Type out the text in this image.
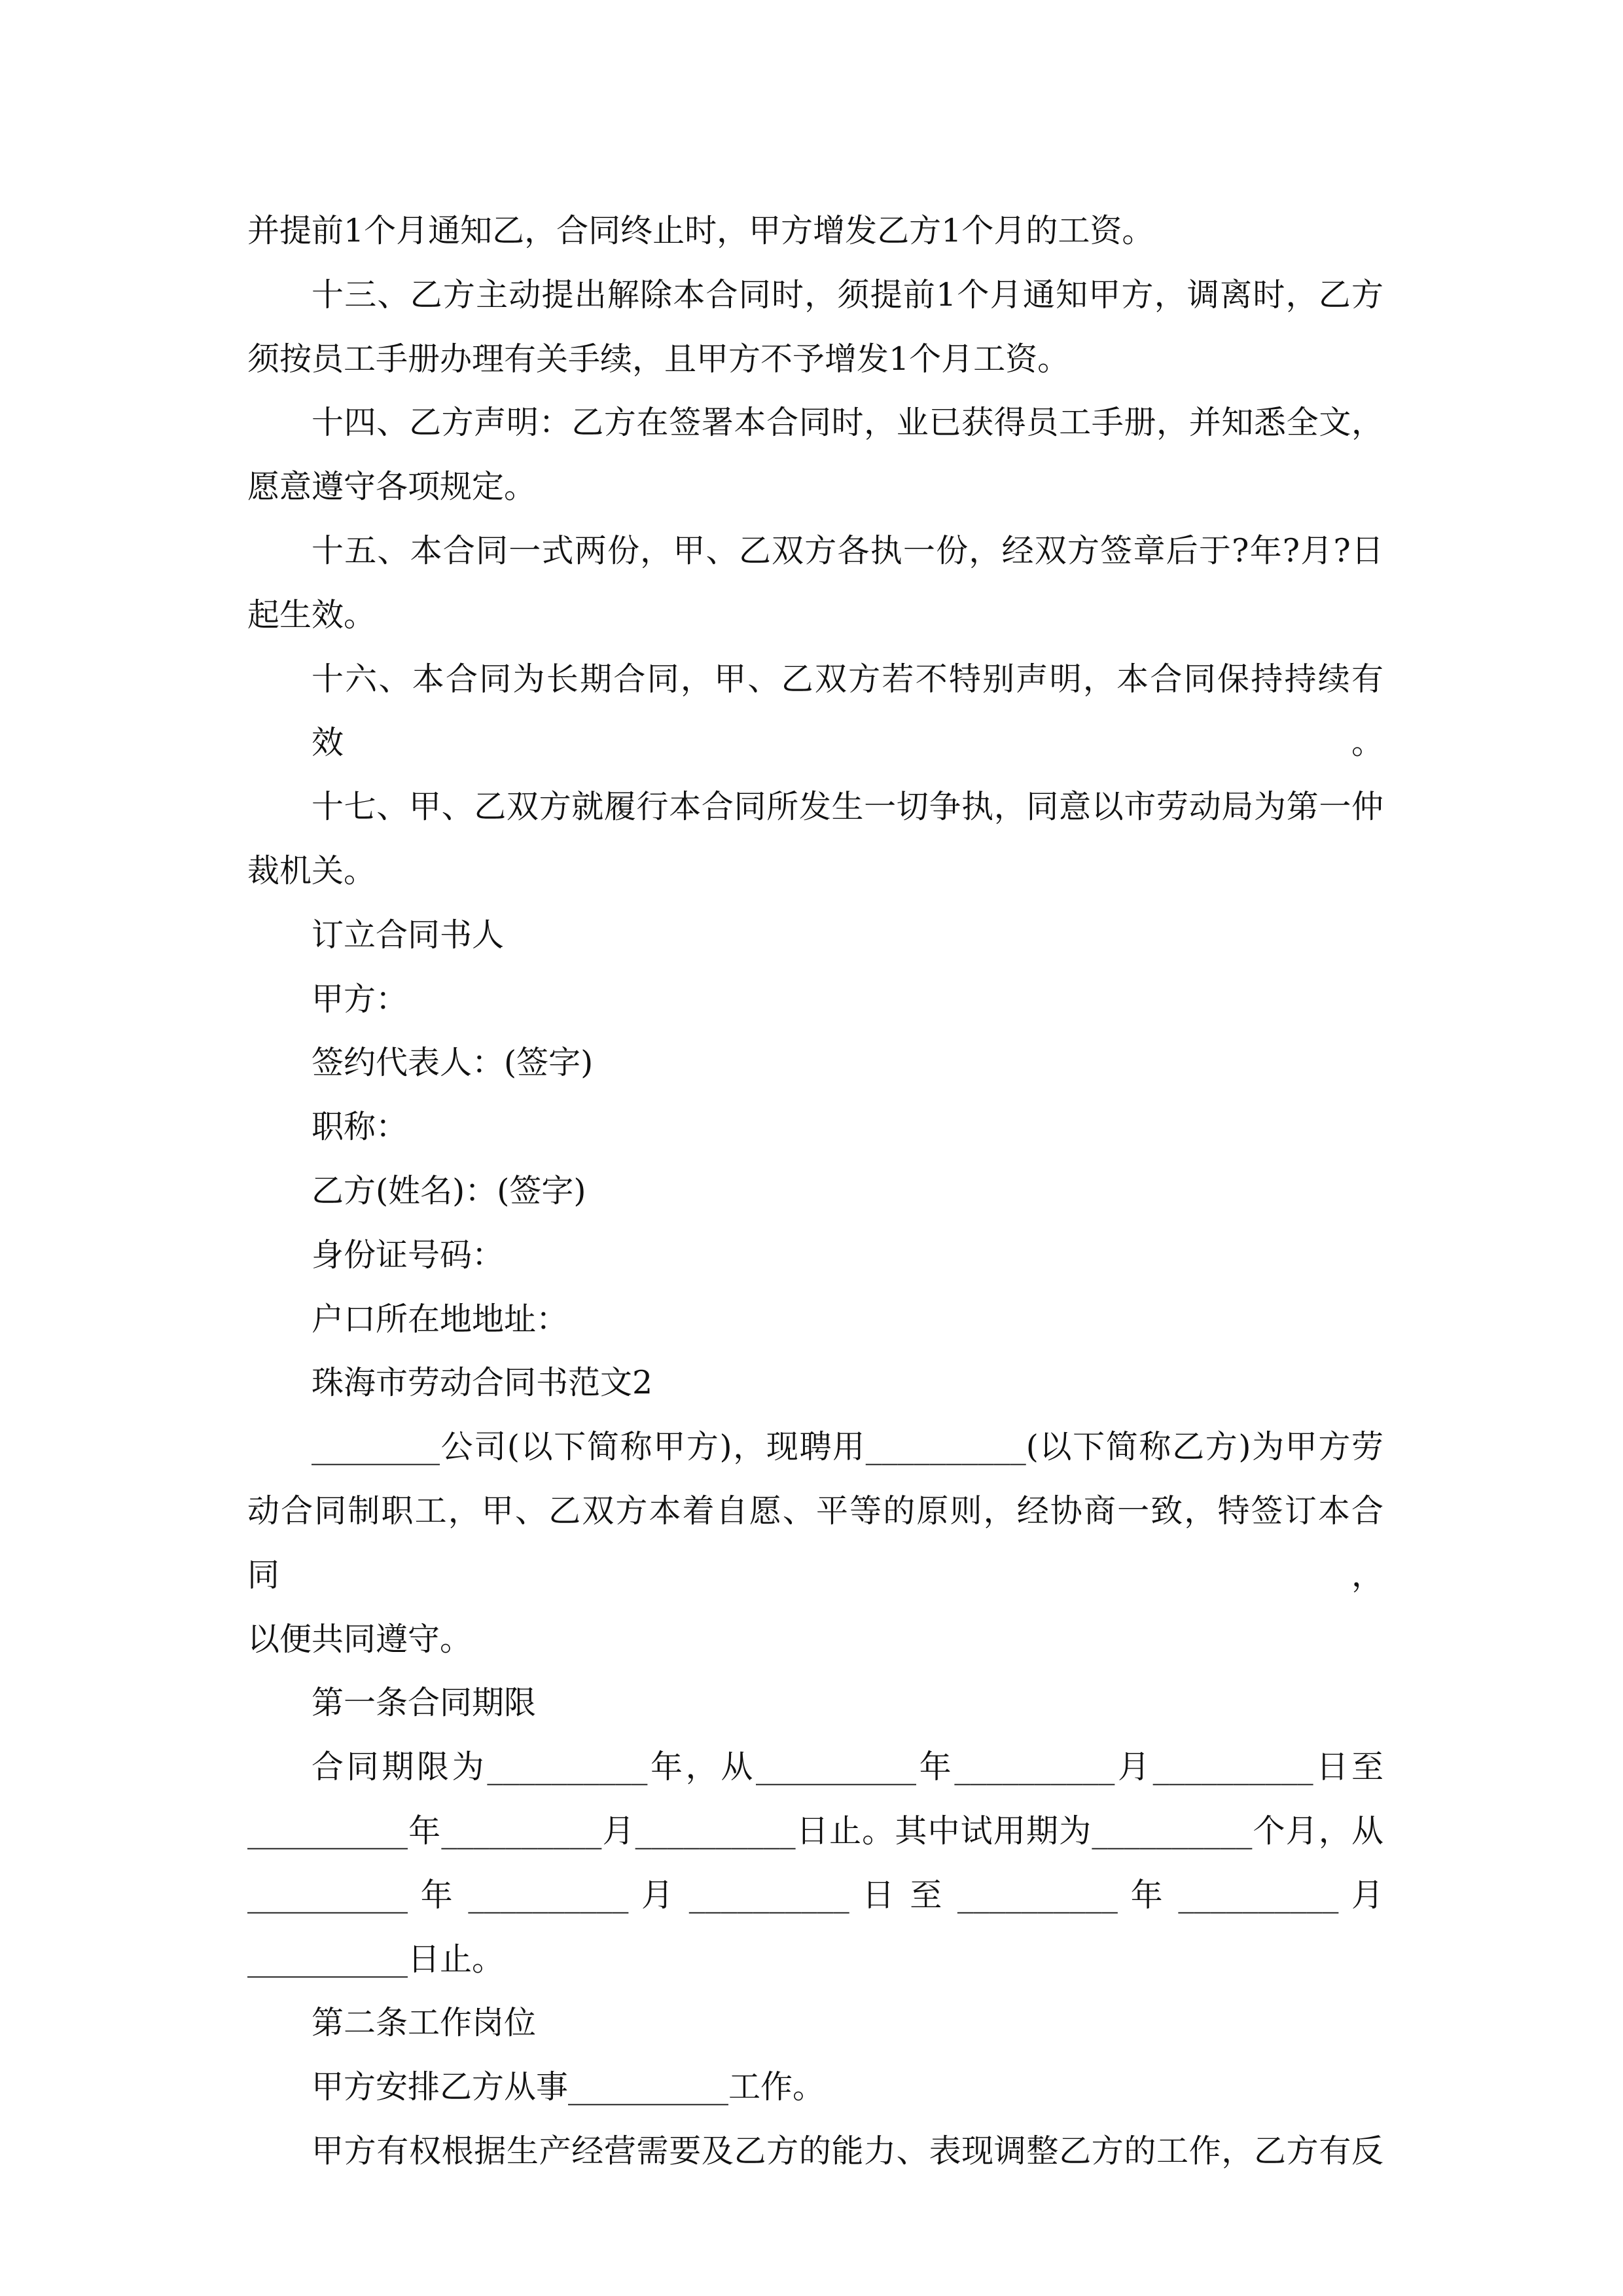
并提前1个月通知乙，合同终止时，甲方增发乙方1个月的工资。
十三、乙方主动提出解除本合同时，须提前1个月通知甲方，调离时，乙方
须按员工手册办理有关手续，且甲方不予增发1个月工资。
十四、乙方声明：乙方在签署本合同时，业已获得员工手册，并知悉全文，
愿意遵守各项规定。
十五、本合同一式两份，甲、乙双方各执一份，经双方签章后于?年?月?日
起生效。
十六、本合同为长期合同，甲、乙双方若不特别声明，本合同保持持续有效。
十七、甲、乙双方就履行本合同所发生一切争执，同意以市劳动局为第一仲
裁机关。
订立合同书人
甲方：
签约代表人：(签字)
职称：
乙方(姓名)：(签字)
身份证号码：
户口所在地地址：
珠海市劳动合同书范文2
________公司(以下简称甲方)，现聘用__________(以下简称乙方)为甲方劳
动合同制职工，甲、乙双方本着自愿、平等的原则，经协商一致，特签订本合同，
以便共同遵守。
第一条合同期限
合同期限为__________年，从__________年__________月__________日至
__________年__________月__________日止。其中试用期为__________个月，从
__________ 年 __________ 月 __________ 日 至 __________ 年 __________ 月
__________日止。
第二条工作岗位
甲方安排乙方从事__________工作。
甲方有权根据生产经营需要及乙方的能力、表现调整乙方的工作，乙方有反
